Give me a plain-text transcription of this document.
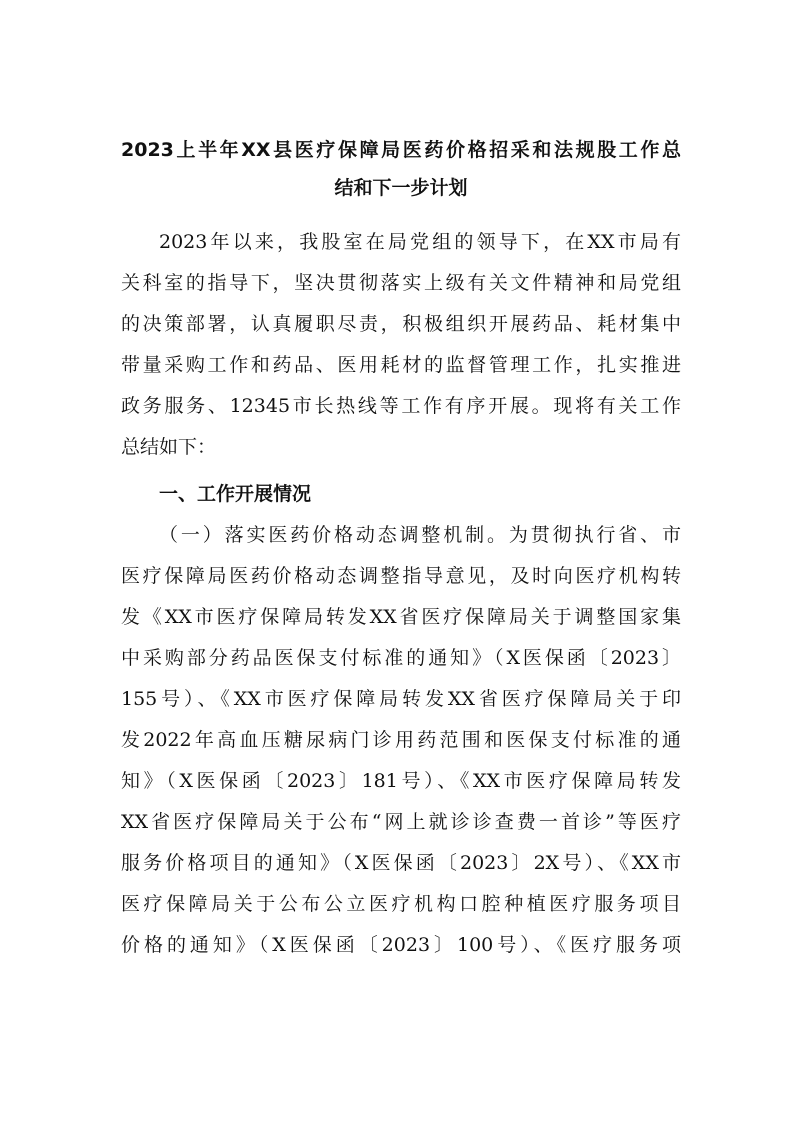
2023上半年XX县医疗保障局医药价格招采和法规股工作总
结和下一步计划
2023年以来，我股室在局党组的领导下，在XX市局有
关科室的指导下，坚决贯彻落实上级有关文件精神和局党组
的决策部署，认真履职尽责，积极组织开展药品、耗材集中
带量采购工作和药品、医用耗材的监督管理工作，扎实推进
政务服务、12345市长热线等工作有序开展。现将有关工作
总结如下：
一、工作开展情况
（一）落实医药价格动态调整机制。为贯彻执行省、市
医疗保障局医药价格动态调整指导意见，及时向医疗机构转
发《XX市医疗保障局转发XX省医疗保障局关于调整国家集
中采购部分药品医保支付标准的通知》（X医保函〔2023〕
155号）、《XX市医疗保障局转发XX省医疗保障局关于印
发2022年高血压糖尿病门诊用药范围和医保支付标准的通
知》（X医保函〔2023〕181号）、《XX市医疗保障局转发
XX省医疗保障局关于公布“网上就诊诊查费一首诊”等医疗
服务价格项目的通知》（X医保函〔2023〕2X号）、《XX市
医疗保障局关于公布公立医疗机构口腔种植医疗服务项目
价格的通知》（X医保函〔2023〕100号）、《医疗服务项
